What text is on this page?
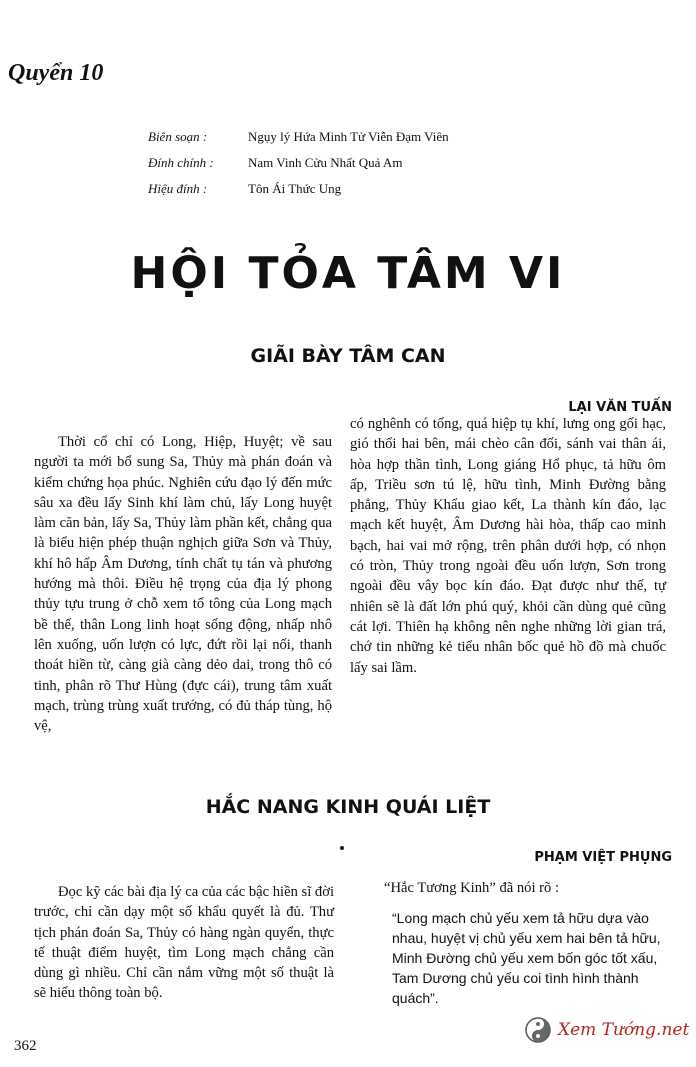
Quyển 10
Biên soạn :	Ngụy lý Hứa Minh Tử Viễn Đạm Viên
Đính chính :	Nam Vinh Cửu Nhất Quả Am
Hiệu đính :	Tôn Ái Thức Ung
HỘI TỎA TÂM VI
GIÃI BÀY TÂM CAN
LẠI VĂN TUẤN

Thời cổ chỉ có Long, Hiệp, Huyệt; về sau người ta mới bổ sung Sa, Thủy mà phán đoán và kiểm chứng họa phúc. Nghiên cứu đạo lý đến mức sâu xa đều lấy Sinh khí làm chủ, lấy Long huyệt làm căn bản, lấy Sa, Thủy làm phần kết, chẳng qua là biểu hiện phép thuận nghịch giữa Sơn và Thủy, khí hô hấp Âm Dương, tính chất tụ tán và phương hướng mà thôi. Điều hệ trọng của địa lý phong thủy tựu trung ở chỗ xem tổ tông của Long mạch bề thế, thân Long linh hoạt sống động, nhấp nhô lên xuống, uốn lượn có lực, đứt rồi lại nối, thanh thoát hiền từ, càng già càng dẻo dai, trong thô có tinh, phân rõ Thư Hùng (đực cái), trung tâm xuất mạch, trùng trùng xuất trướng, có đủ tháp tùng, hộ vệ,

có nghênh có tống, quá hiệp tụ khí, lưng ong gối hạc, gió thổi hai bên, mái chèo cân đối, sánh vai thân ái, hòa hợp thần tình, Long giáng Hổ phục, tả hữu ôm ấp, Triều sơn tú lệ, hữu tình, Minh Đường bằng phẳng, Thủy Khẩu giao kết, La thành kín đáo, lạc mạch kết huyệt, Âm Dương hài hòa, thấp cao minh bạch, hai vai mở rộng, trên phân dưới hợp, có nhọn có tròn, Thủy trong ngoài đều uốn lượn, Sơn trong ngoài đều vây bọc kín đáo. Đạt được như thế, tự nhiên sẽ là đất lớn phú quý, khỏi cần dùng quẻ cũng cát lợi. Thiên hạ không nên nghe những lời gian trá, chớ tin những kẻ tiểu nhân bốc quẻ hồ đồ mà chuốc lấy sai lầm.

HẮC NANG KINH QUÁI LIỆT
PHẠM VIỆT PHỤNG

Đọc kỹ các bài địa lý ca của các bậc hiền sĩ đời trước, chỉ cần dạy một số khẩu quyết là đủ. Thư tịch phán đoán Sa, Thủy có hàng ngàn quyển, thực tế thuật điểm huyệt, tìm Long mạch chẳng cần dùng gì nhiều. Chỉ cần nắm vững một số thuật là sẽ hiểu thông toàn bộ.

“Hắc Tương Kinh” đã nói rõ :
“Long mạch chủ yếu xem tả hữu dựa vào nhau, huyệt vị chủ yếu xem hai bên tả hữu, Minh Đường chủ yếu xem bốn góc tốt xấu, Tam Dương chủ yếu coi tình hình thành quách”.
362
Xem Tướng.net
